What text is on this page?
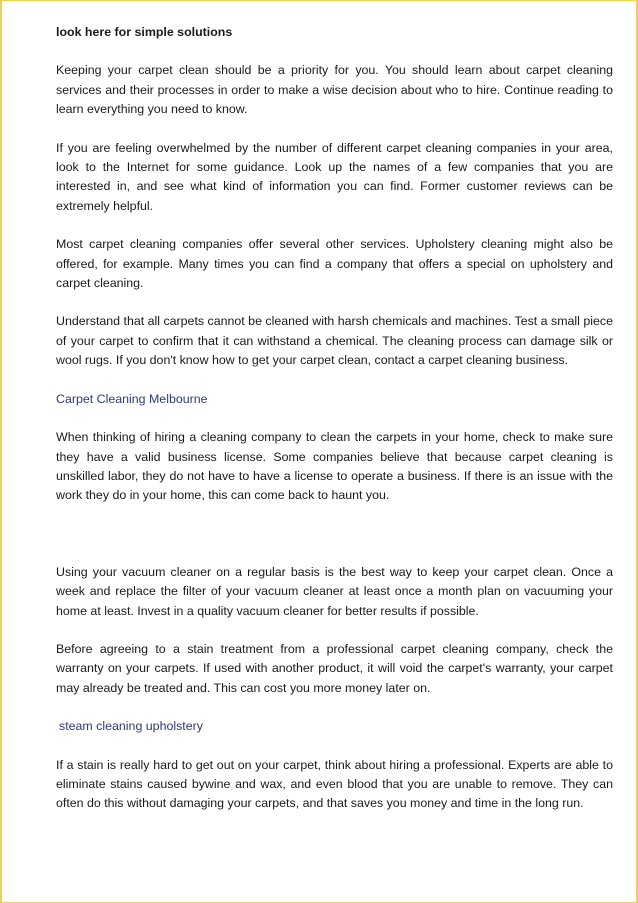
look here for simple solutions

Keeping your carpet clean should be a priority for you. You should learn about carpet cleaning services and their processes in order to make a wise decision about who to hire. Continue reading to learn everything you need to know.

If you are feeling overwhelmed by the number of different carpet cleaning companies in your area, look to the Internet for some guidance. Look up the names of a few companies that you are interested in, and see what kind of information you can find. Former customer reviews can be extremely helpful.

Most carpet cleaning companies offer several other services. Upholstery cleaning might also be offered, for example. Many times you can find a company that offers a special on upholstery and carpet cleaning.

Understand that all carpets cannot be cleaned with harsh chemicals and machines. Test a small piece of your carpet to confirm that it can withstand a chemical. The cleaning process can damage silk or wool rugs. If you don't know how to get your carpet clean, contact a carpet cleaning business.

Carpet Cleaning Melbourne

When thinking of hiring a cleaning company to clean the carpets in your home, check to make sure they have a valid business license. Some companies believe that because carpet cleaning is unskilled labor, they do not have to have a license to operate a business. If there is an issue with the work they do in your home, this can come back to haunt you.

Using your vacuum cleaner on a regular basis is the best way to keep your carpet clean. Once a week and replace the filter of your vacuum cleaner at least once a month plan on vacuuming your home at least. Invest in a quality vacuum cleaner for better results if possible.

Before agreeing to a stain treatment from a professional carpet cleaning company, check the warranty on your carpets. If used with another product, it will void the carpet's warranty, your carpet may already be treated and. This can cost you more money later on.

steam cleaning upholstery

If a stain is really hard to get out on your carpet, think about hiring a professional. Experts are able to eliminate stains caused bywine and wax, and even blood that you are unable to remove. They can often do this without damaging your carpets, and that saves you money and time in the long run.
